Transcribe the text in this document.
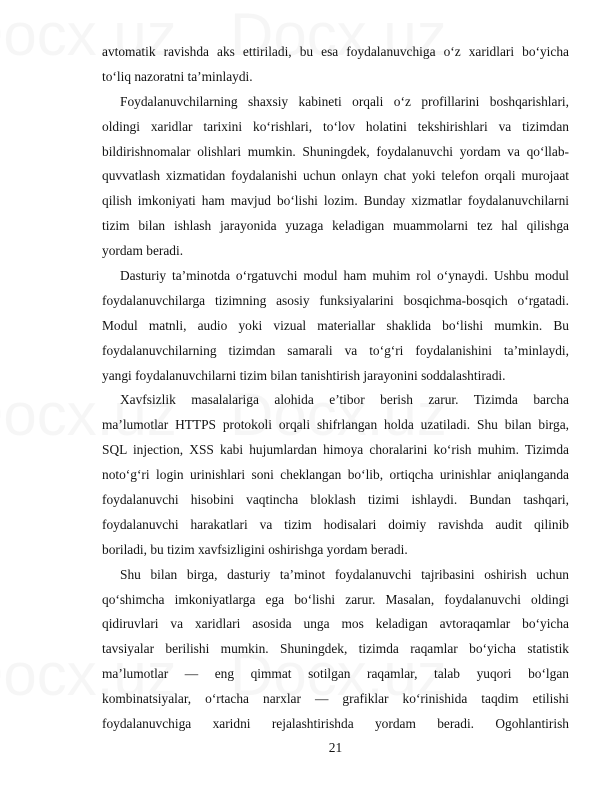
avtomatik ravishda aks ettiriladi, bu esa foydalanuvchiga o‘z xaridlari bo‘yicha
to‘liq nazoratni ta’minlaydi.
Foydalanuvchilarning shaxsiy kabineti orqali o‘z profillarini boshqarishlari,
oldingi xaridlar tarixini ko‘rishlari, to‘lov holatini tekshirishlari va tizimdan
bildirishnomalar olishlari mumkin. Shuningdek, foydalanuvchi yordam va qo‘llab-
quvvatlash xizmatidan foydalanishi uchun onlayn chat yoki telefon orqali murojaat
qilish imkoniyati ham mavjud bo‘lishi lozim. Bunday xizmatlar foydalanuvchilarni
tizim bilan ishlash jarayonida yuzaga keladigan muammolarni tez hal qilishga
yordam beradi.
Dasturiy ta’minotda o‘rgatuvchi modul ham muhim rol o‘ynaydi. Ushbu modul
foydalanuvchilarga tizimning asosiy funksiyalarini bosqichma-bosqich o‘rgatadi.
Modul matnli, audio yoki vizual materiallar shaklida bo‘lishi mumkin. Bu
foydalanuvchilarning tizimdan samarali va to‘g‘ri foydalanishini ta’minlaydi,
yangi foydalanuvchilarni tizim bilan tanishtirish jarayonini soddalashtiradi.
Xavfsizlik masalalariga alohida e’tibor berish zarur. Tizimda barcha
ma’lumotlar HTTPS protokoli orqali shifrlangan holda uzatiladi. Shu bilan birga,
SQL injection, XSS kabi hujumlardan himoya choralarini ko‘rish muhim. Tizimda
noto‘g‘ri login urinishlari soni cheklangan bo‘lib, ortiqcha urinishlar aniqlanganda
foydalanuvchi hisobini vaqtincha bloklash tizimi ishlaydi. Bundan tashqari,
foydalanuvchi harakatlari va tizim hodisalari doimiy ravishda audit qilinib
boriladi, bu tizim xavfsizligini oshirishga yordam beradi.
Shu bilan birga, dasturiy ta’minot foydalanuvchi tajribasini oshirish uchun
qo‘shimcha imkoniyatlarga ega bo‘lishi zarur. Masalan, foydalanuvchi oldingi
qidiruvlari va xaridlari asosida unga mos keladigan avtoraqamlar bo‘yicha
tavsiyalar berilishi mumkin. Shuningdek, tizimda raqamlar bo‘yicha statistik
ma’lumotlar — eng qimmat sotilgan raqamlar, talab yuqori bo‘lgan
kombinatsiyalar, o‘rtacha narxlar — grafiklar ko‘rinishida taqdim etilishi
foydalanuvchiga xaridni rejalashtirishda yordam beradi. Ogohlantirish
21
